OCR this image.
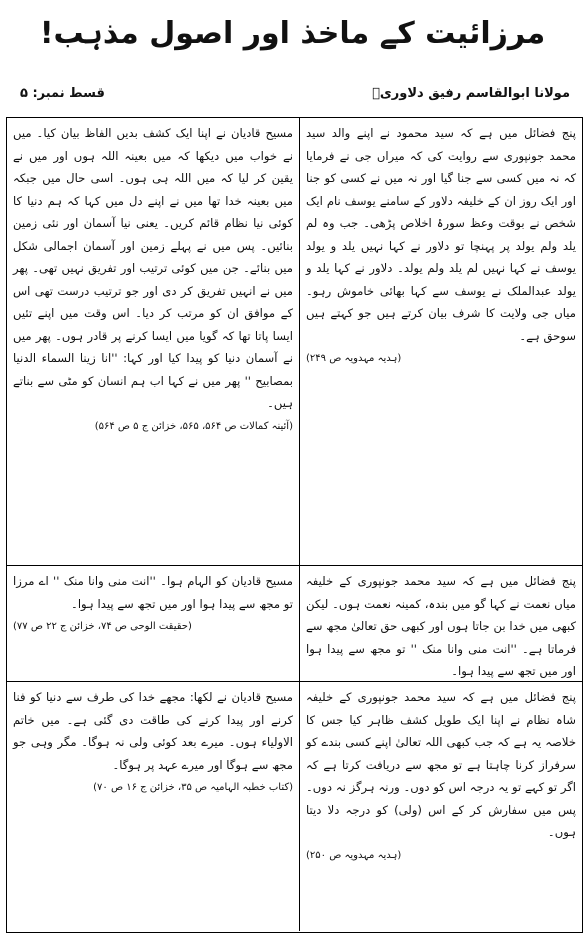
مرزائیت کے ماخذ اور اصول مذہب!
مولانا ابوالقاسم رفیق دلاوریؒ
قسط نمبر: ۵

پنج فضائل میں ہے کہ سید محمود نے اپنے والد سید محمد جونپوری سے روایت کی کہ میراں جی نے فرمایا کہ نہ میں کسی سے جنا گیا اور نہ میں نے کسی کو جنا اور ایک روز ان کے خلیفہ دلاور کے سامنے یوسف نام ایک شخص نے بوقت وعظ سورۂ اخلاص پڑھی۔ جب وہ لم یلد ولم یولد پر پہنچا تو دلاور نے کہا نہیں یلد و یولد یوسف نے کہا نہیں لم یلد ولم یولد۔ دلاور نے کہا یلد و یولد عبدالملک نے یوسف سے کہا بھائی خاموش رہو۔ میاں جی ولایت کا شرف بیان کرتے ہیں جو کہتے ہیں سوحق ہے۔

(ہدیہ مہدویہ ص ۲۴۹)

مسیح قادیان نے اپنا ایک کشف بدیں الفاظ بیان کیا۔ میں نے خواب میں دیکھا کہ میں بعینہ اللہ ہوں اور میں نے یقین کر لیا کہ میں اللہ ہی ہوں۔ اسی حال میں جبکہ میں بعینہ خدا تھا میں نے اپنے دل میں کہا کہ ہم دنیا کا کوئی نیا نظام قائم کریں۔ یعنی نیا آسمان اور نئی زمین بنائیں۔ پس میں نے پہلے زمین اور آسمان اجمالی شکل میں بنائے۔ جن میں کوئی ترتیب اور تفریق نہیں تھی۔ پھر میں نے انہیں تفریق کر دی اور جو ترتیب درست تھی اس کے موافق ان کو مرتب کر دیا۔ اس وقت میں اپنے تئیں ایسا پاتا تھا کہ گویا میں ایسا کرنے پر قادر ہوں۔ پھر میں نے آسمان دنیا کو پیدا کیا اور کہا: ''انا زینا السماء الدنیا بمصابیح '' پھر میں نے کہا اب ہم انسان کو مٹی سے بناتے ہیں۔

(آئینہ کمالات ص ۵۶۴، ۵۶۵، خزائن ج ۵ ص ۵۶۴)

پنج فضائل میں ہے کہ سید محمد جونپوری کے خلیفہ میاں نعمت نے کہا گو میں بندہ، کمینہ نعمت ہوں۔ لیکن کبھی میں خدا بن جاتا ہوں اور کبھی حق تعالیٰ مجھ سے فرماتا ہے۔ ''انت منی وانا منک '' تو مجھ سے پیدا ہوا اور میں تجھ سے پیدا ہوا۔

مسیح قادیان کو الہام ہوا۔ ''انت منی وانا منک '' اے مرزا تو مجھ سے پیدا ہوا اور میں تجھ سے پیدا ہوا۔

(حقیقت الوحی ص ۷۴، خزائن ج ۲۲ ص ۷۷)

پنج فضائل میں ہے کہ سید محمد جونپوری کے خلیفہ شاہ نظام نے اپنا ایک طویل کشف ظاہر کیا جس کا خلاصہ یہ ہے کہ جب کبھی اللہ تعالیٰ اپنے کسی بندے کو سرفراز کرنا چاہتا ہے تو مجھ سے دریافت کرتا ہے کہ اگر تو کہے تو یہ درجہ اس کو دوں۔ ورنہ ہرگز نہ دوں۔ پس میں سفارش کر کے اس (ولی) کو درجہ دلا دیتا ہوں۔

(ہدیہ مہدویہ ص ۲۵۰)

مسیح قادیان نے لکھا: مجھے خدا کی طرف سے دنیا کو فنا کرنے اور پیدا کرنے کی طاقت دی گئی ہے۔ میں خاتم الاولیاء ہوں۔ میرے بعد کوئی ولی نہ ہوگا۔ مگر وہی جو مجھ سے ہوگا اور میرے عہد پر ہوگا۔

(کتاب خطبہ الہامیہ ص ۳۵، خزائن ج ۱۶ ص ۷۰)
